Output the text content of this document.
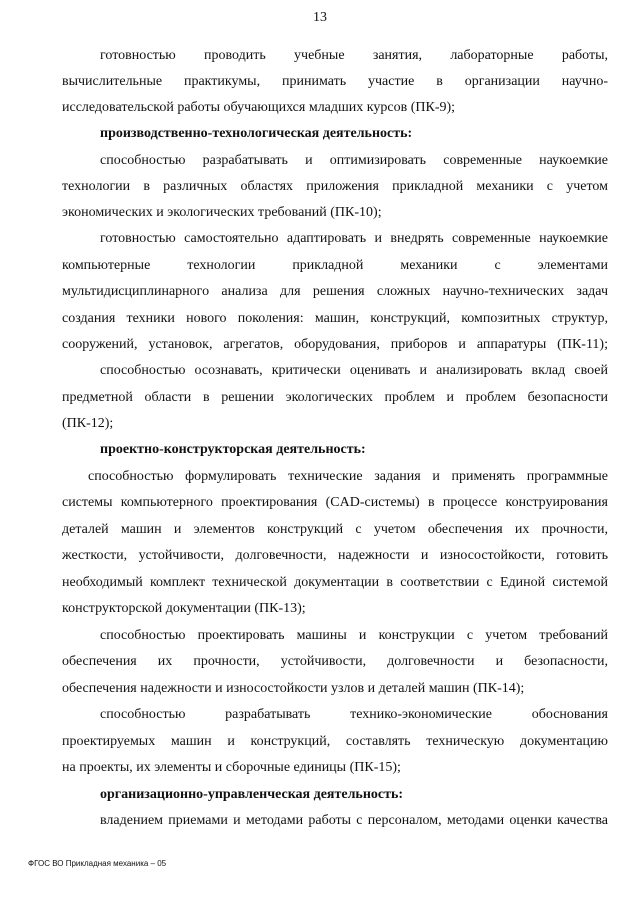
13
готовностью проводить учебные занятия, лабораторные работы,
вычислительные практикумы, принимать участие в организации научно-
исследовательской работы обучающихся младших курсов (ПК-9);
производственно-технологическая деятельность:
способностью разрабатывать и оптимизировать современные наукоемкие
технологии в различных областях приложения прикладной механики с учетом
экономических и экологических требований (ПК-10);
готовностью самостоятельно адаптировать и внедрять современные наукоемкие
компьютерные технологии прикладной механики с элементами
мультидисциплинарного анализа для решения сложных научно-технических задач
создания техники нового поколения: машин, конструкций, композитных структур,
сооружений, установок, агрегатов, оборудования, приборов и аппаратуры (ПК-11);
способностью осознавать, критически оценивать и анализировать вклад своей
предметной области в решении экологических проблем и проблем безопасности
(ПК-12);
проектно-конструкторская деятельность:
способностью формулировать технические задания и применять программные
системы компьютерного проектирования (CAD-системы) в процессе конструирования
деталей машин и элементов конструкций с учетом обеспечения их прочности,
жесткости, устойчивости, долговечности, надежности и износостойкости, готовить
необходимый комплект технической документации в соответствии с Единой системой
конструкторской документации (ПК-13);
способностью проектировать машины и конструкции с учетом требований
обеспечения их прочности, устойчивости, долговечности и безопасности,
обеспечения надежности и износостойкости узлов и деталей машин (ПК-14);
способностью разрабатывать технико-экономические обоснования
проектируемых машин и конструкций, составлять техническую документацию
на проекты, их элементы и сборочные единицы (ПК-15);
организационно-управленческая деятельность:
владением приемами и методами работы с персоналом, методами оценки качества
ФГОС ВО Прикладная механика – 05
